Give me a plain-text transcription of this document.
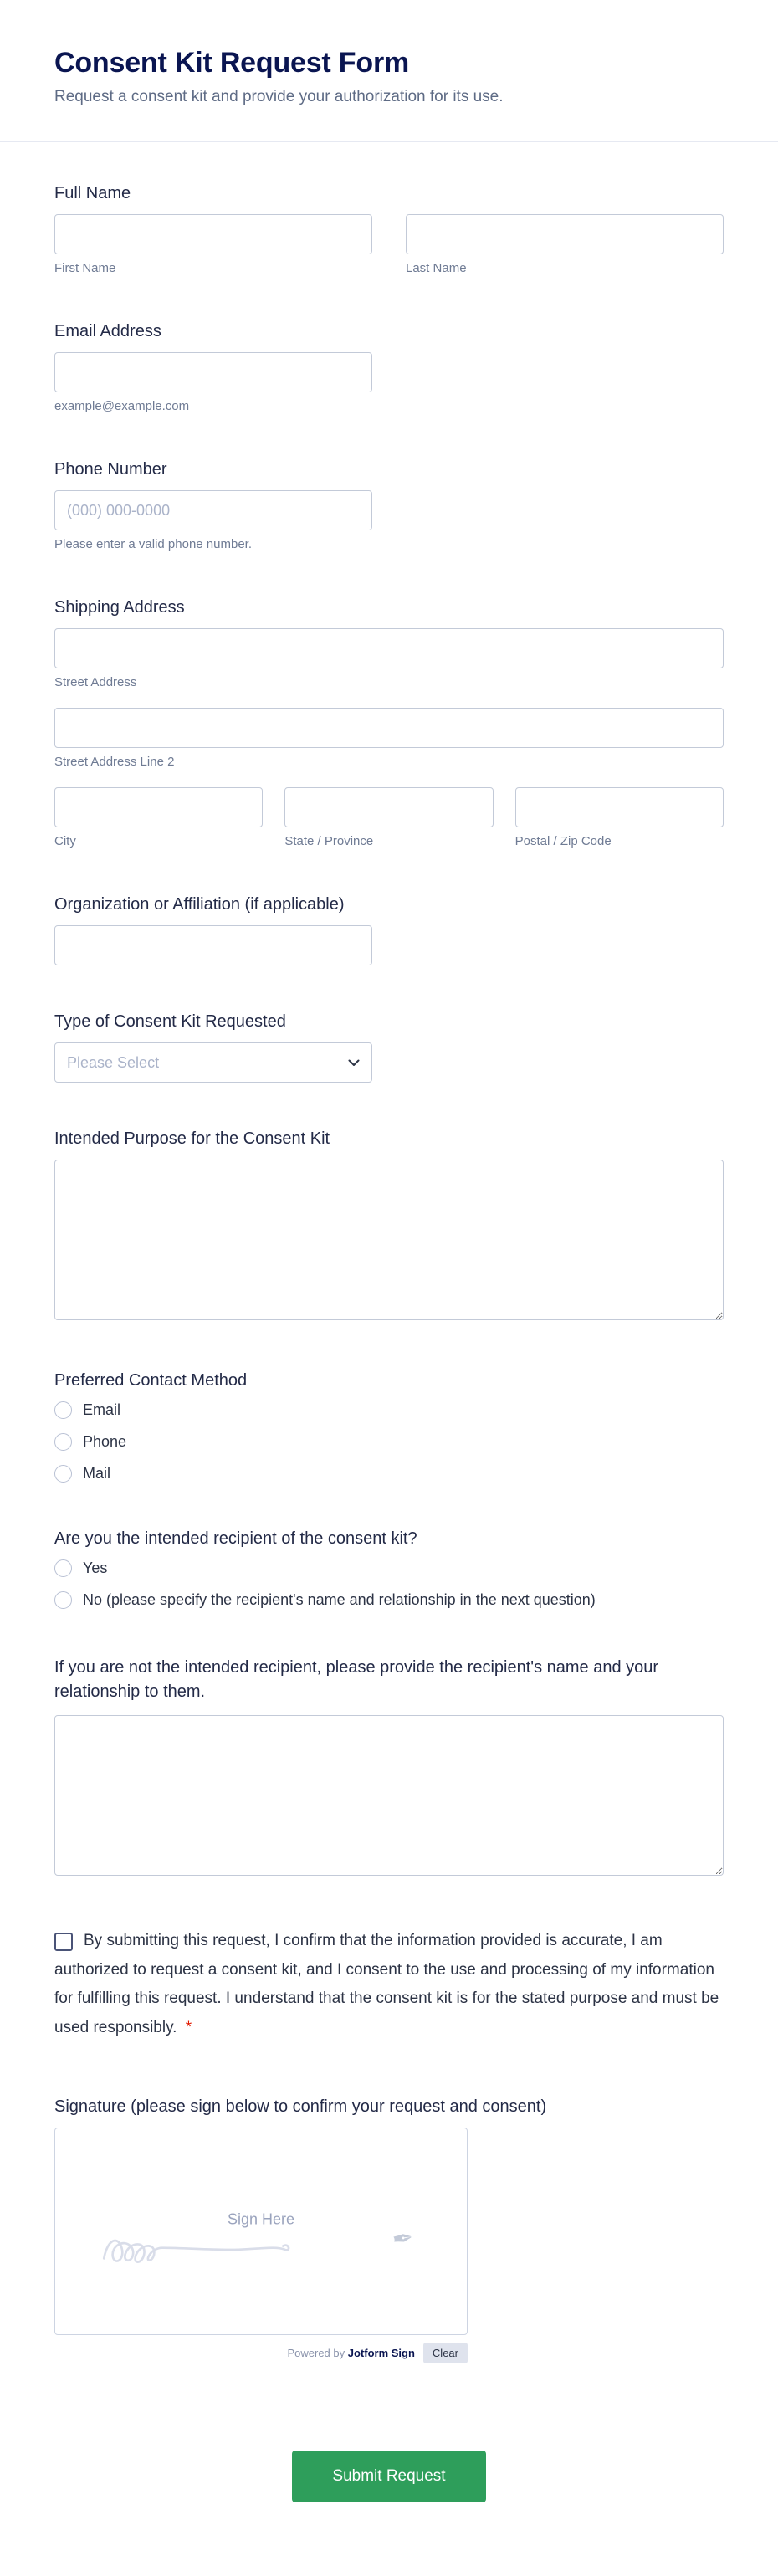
Consent Kit Request Form

Request a consent kit and provide your authorization for its use.

Full Name
First Name	Last Name
Email Address
example@example.com
Phone Number
(000) 000-0000
Please enter a valid phone number.
Shipping Address
Street Address
Street Address Line 2
City	State / Province	Postal / Zip Code
Organization or Affiliation (if applicable)
Type of Consent Kit Requested
Please Select
Intended Purpose for the Consent Kit
Preferred Contact Method
Email
Phone
Mail
Are you the intended recipient of the consent kit?
Yes
No (please specify the recipient's name and relationship in the next question)
If you are not the intended recipient, please provide the recipient's name and your relationship to them.
By submitting this request, I confirm that the information provided is accurate, I am authorized to request a consent kit, and I consent to the use and processing of my information for fulfilling this request. I understand that the consent kit is for the stated purpose and must be used responsibly. *
Signature (please sign below to confirm your request and consent)
Sign Here
✒
Powered by Jotform Sign	Clear
Submit Request
